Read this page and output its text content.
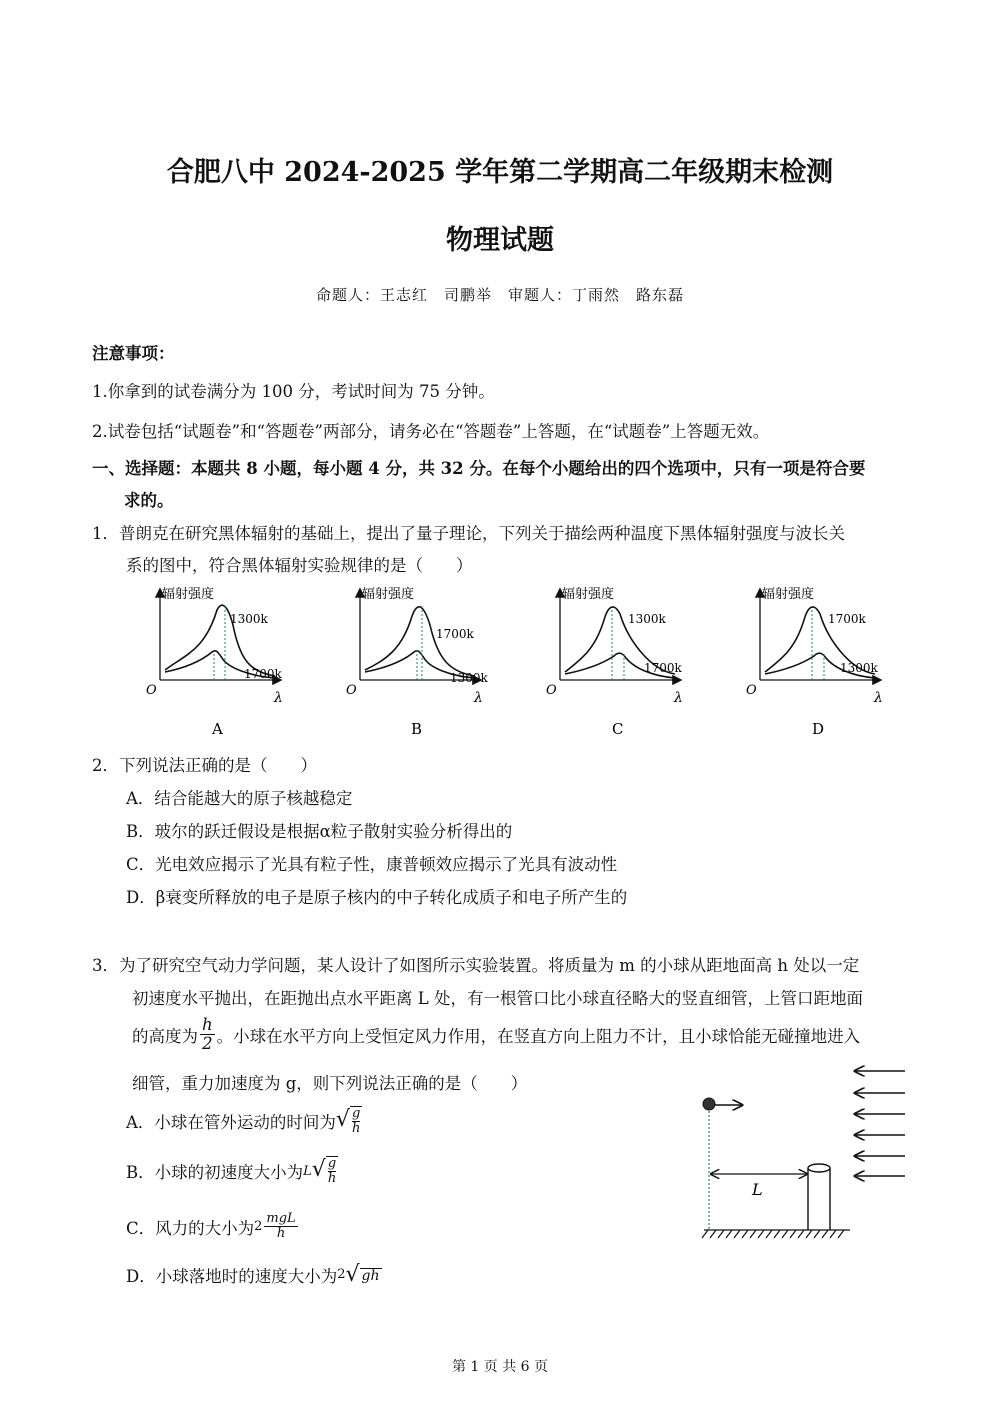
合肥八中 2024-2025 学年第二学期高二年级期末检测
物理试题
命题人：王志红　司鹏举　审题人：丁雨然　路东磊
注意事项：
1.你拿到的试卷满分为 100 分，考试时间为 75 分钟。
2.试卷包括“试题卷”和“答题卷”两部分，请务必在“答题卷”上答题，在“试题卷”上答题无效。
一、选择题：本题共 8 小题，每小题 4 分，共 32 分。在每个小题给出的四个选项中，只有一项是符合要
求的。
1．普朗克在研究黑体辐射的基础上，提出了量子理论，下列关于描绘两种温度下黑体辐射强度与波长关
系的图中，符合黑体辐射实验规律的是（　　）
辐射强度
O	λ
1300k
1700k
A
辐射强度
O	λ
1700k
1300k
B
辐射强度
O	λ
1300k
1700k
C
辐射强度
O	λ
1700k
1300k
D
2．下列说法正确的是（　　）
A．结合能越大的原子核越稳定
B．玻尔的跃迁假设是根据α粒子散射实验分析得出的
C．光电效应揭示了光具有粒子性，康普顿效应揭示了光具有波动性
D．β衰变所释放的电子是原子核内的中子转化成质子和电子所产生的
3．为了研究空气动力学问题，某人设计了如图所示实验装置。将质量为 m 的小球从距地面高 h 处以一定
初速度水平抛出，在距抛出点水平距离 L 处，有一根管口比小球直径略大的竖直细管，上管口距地面
的高度为 $\frac{h}{2}$ 。小球在水平方向上受恒定风力作用，在竖直方向上阻力不计，且小球恰能无碰撞地进入
细管，重力加速度为 g，则下列说法正确的是（　　）
A．小球在管外运动的时间为 √ $\frac{g}{h}$
B．小球的初速度大小为 L √ $\frac{g}{h}$
C．风力的大小为 $2 \frac{\text{mgL}}{h}$
D．小球落地时的速度大小为 2 √ gh
L
第 1 页 共 6 页
